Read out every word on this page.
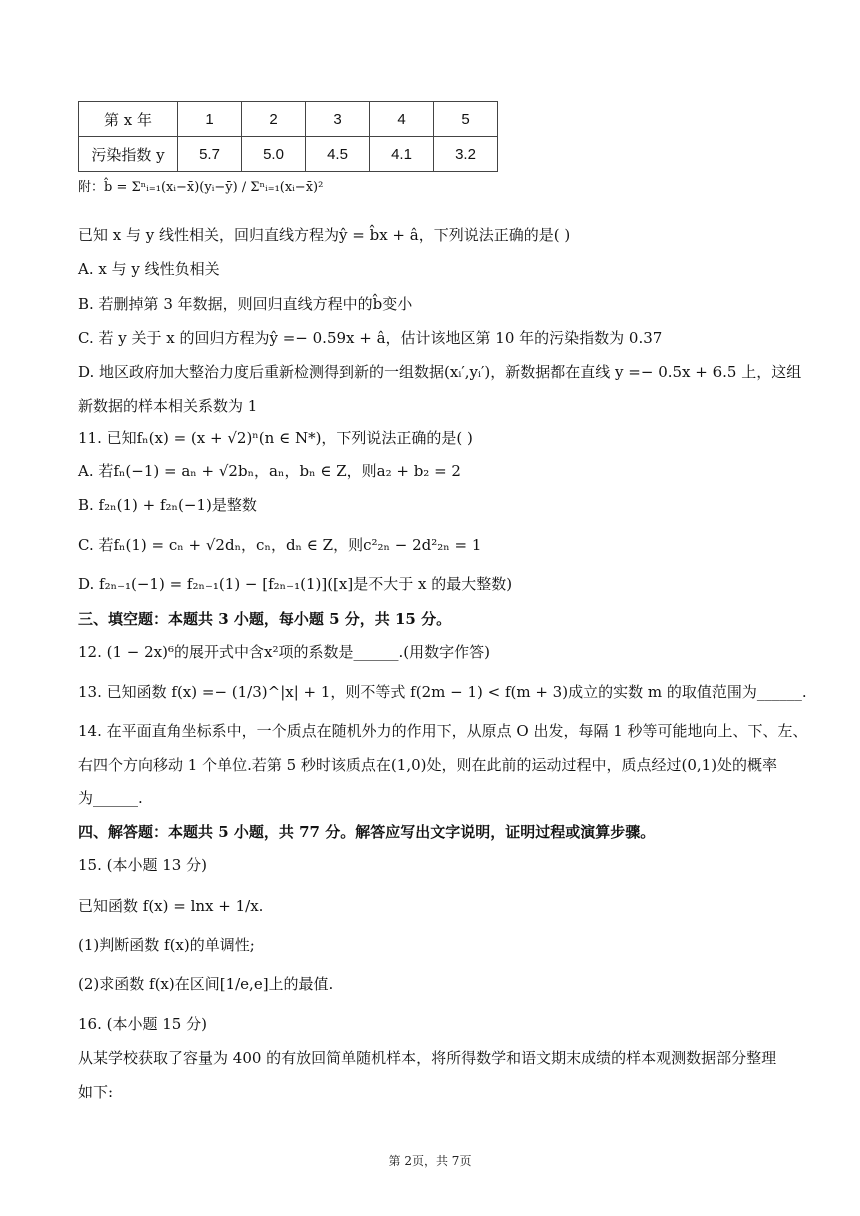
第 x 年	1	2	3	4	5
污染指数 y	5.7	5.0	4.5	4.1	3.2
附：b̂ = Σⁿᵢ₌₁(xᵢ−x̄)(yᵢ−ȳ) / Σⁿᵢ₌₁(xᵢ−x̄)²
已知 x 与 y 线性相关，回归直线方程为ŷ = b̂x + â，下列说法正确的是( )
A. x 与 y 线性负相关
B. 若删掉第 3 年数据，则回归直线方程中的b̂变小
C. 若 y 关于 x 的回归方程为ŷ =− 0.59x + â，估计该地区第 10 年的污染指数为 0.37
D. 地区政府加大整治力度后重新检测得到新的一组数据(xᵢ′,yᵢ′)，新数据都在直线 y =− 0.5x + 6.5 上，这组
新数据的样本相关系数为 1
11. 已知fₙ(x) = (x + √2)ⁿ(n ∈ N*)，下列说法正确的是( )
A. 若fₙ(−1) = aₙ + √2bₙ，aₙ，bₙ ∈ Z，则a₂ + b₂ = 2
B. f₂ₙ(1) + f₂ₙ(−1)是整数
C. 若fₙ(1) = cₙ + √2dₙ，cₙ，dₙ ∈ Z，则c²₂ₙ − 2d²₂ₙ = 1
D. f₂ₙ₋₁(−1) = f₂ₙ₋₁(1) − [f₂ₙ₋₁(1)]([x]是不大于 x 的最大整数)
三、填空题：本题共 3 小题，每小题 5 分，共 15 分。
12. (1 − 2x)⁶的展开式中含x²项的系数是______.(用数字作答)
13. 已知函数 f(x) =− (1/3)^|x| + 1，则不等式 f(2m − 1) < f(m + 3)成立的实数 m 的取值范围为______.
14. 在平面直角坐标系中，一个质点在随机外力的作用下，从原点 O 出发，每隔 1 秒等可能地向上、下、左、
右四个方向移动 1 个单位.若第 5 秒时该质点在(1,0)处，则在此前的运动过程中，质点经过(0,1)处的概率
为______.
四、解答题：本题共 5 小题，共 77 分。解答应写出文字说明，证明过程或演算步骤。
15. (本小题 13 分)
已知函数 f(x) = lnx + 1/x.
(1)判断函数 f(x)的单调性;
(2)求函数 f(x)在区间[1/e,e]上的最值.
16. (本小题 15 分)
从某学校获取了容量为 400 的有放回简单随机样本，将所得数学和语文期末成绩的样本观测数据部分整理
如下:
第 2页，共 7页
